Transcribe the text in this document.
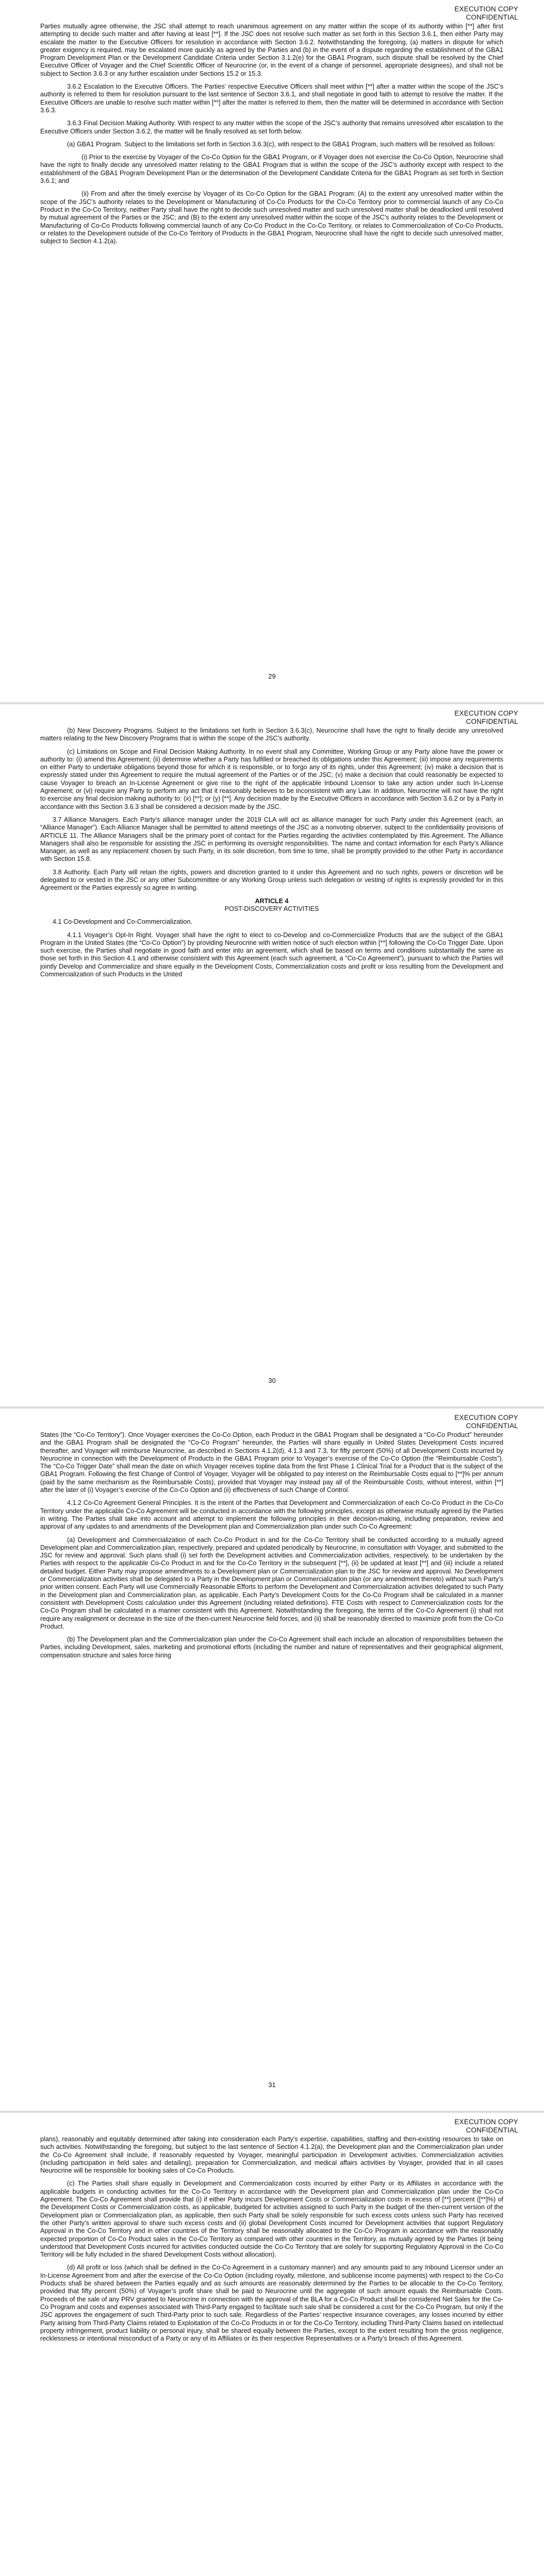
EXECUTION COPY
CONFIDENTIAL

Parties mutually agree otherwise, the JSC shall attempt to reach unanimous agreement on any matter within the scope of its authority within [**] after first attempting to decide such matter and after having at least [**]. If the JSC does not resolve such matter as set forth in this Section 3.6.1, then either Party may escalate the matter to the Executive Officers for resolution in accordance with Section 3.6.2. Notwithstanding the foregoing, (a) matters in dispute for which greater exigency is required, may be escalated more quickly as agreed by the Parties and (b) in the event of a dispute regarding the establishment of the GBA1 Program Development Plan or the Development Candidate Criteria under Section 3.1.2(e) for the GBA1 Program, such dispute shall be resolved by the Chief Executive Officer of Voyager and the Chief Scientific Officer of Neurocrine (or, in the event of a change of personnel, appropriate designees), and shall not be subject to Section 3.6.3 or any further escalation under Sections 15.2 or 15.3.

3.6.2 Escalation to the Executive Officers. The Parties’ respective Executive Officers shall meet within [**] after a matter within the scope of the JSC’s authority is referred to them for resolution pursuant to the last sentence of Section 3.6.1, and shall negotiate in good faith to attempt to resolve the matter. If the Executive Officers are unable to resolve such matter within [**] after the matter is referred to them, then the matter will be determined in accordance with Section 3.6.3.

3.6.3 Final Decision Making Authority. With respect to any matter within the scope of the JSC’s authority that remains unresolved after escalation to the Executive Officers under Section 3.6.2, the matter will be finally resolved as set forth below.

(a) GBA1 Program. Subject to the limitations set forth in Section 3.6.3(c), with respect to the GBA1 Program, such matters will be resolved as follows:

(i) Prior to the exercise by Voyager of the Co-Co Option for the GBA1 Program, or if Voyager does not exercise the Co-Co Option, Neurocrine shall have the right to finally decide any unresolved matter relating to the GBA1 Program that is within the scope of the JSC’s authority except with respect to the establishment of the GBA1 Program Development Plan or the determination of the Development Candidate Criteria for the GBA1 Program as set forth in Section 3.6.1; and

(ii) From and after the timely exercise by Voyager of its Co-Co Option for the GBA1 Program: (A) to the extent any unresolved matter within the scope of the JSC’s authority relates to the Development or Manufacturing of Co-Co Products for the Co-Co Territory prior to commercial launch of any Co-Co Product in the Co-Co Territory, neither Party shall have the right to decide such unresolved matter and such unresolved matter shall be deadlocked until resolved by mutual agreement of the Parties or the JSC; and (B) to the extent any unresolved matter within the scope of the JSC’s authority relates to the Development or Manufacturing of Co-Co Products following commercial launch of any Co-Co Product in the Co-Co Territory, or relates to Commercialization of Co-Co Products, or relates to the Development outside of the Co-Co Territory of Products in the GBA1 Program, Neurocrine shall have the right to decide such unresolved matter, subject to Section 4.1.2(a).

29
EXECUTION COPY
CONFIDENTIAL

(b) New Discovery Programs. Subject to the limitations set forth in Section 3.6.3(c), Neurocrine shall have the right to finally decide any unresolved matters relating to the New Discovery Programs that is within the scope of the JSC’s authority.

(c) Limitations on Scope and Final Decision Making Authority. In no event shall any Committee, Working Group or any Party alone have the power or authority to: (i) amend this Agreement; (ii) determine whether a Party has fulfilled or breached its obligations under this Agreement; (iii) impose any requirements on either Party to undertake obligations beyond those for which it is responsible, or to forgo any of its rights, under this Agreement; (iv) make a decision that is expressly stated under this Agreement to require the mutual agreement of the Parties or of the JSC; (v) make a decision that could reasonably be expected to cause Voyager to breach an In-License Agreement or give rise to the right of the applicable Inbound Licensor to take any action under such In-License Agreement; or (vi) require any Party to perform any act that it reasonably believes to be inconsistent with any Law. In addition, Neurocrine will not have the right to exercise any final decision making authority to: (x) [**]; or (y) [**]. Any decision made by the Executive Officers in accordance with Section 3.6.2 or by a Party in accordance with this Section 3.6.3 shall be considered a decision made by the JSC.

3.7 Alliance Managers. Each Party’s alliance manager under the 2019 CLA will act as alliance manager for such Party under this Agreement (each, an “Alliance Manager”). Each Alliance Manager shall be permitted to attend meetings of the JSC as a nonvoting observer, subject to the confidentiality provisions of ARTICLE 11. The Alliance Managers shall be the primary point of contact for the Parties regarding the activities contemplated by this Agreement. The Alliance Managers shall also be responsible for assisting the JSC in performing its oversight responsibilities. The name and contact information for each Party’s Alliance Manager, as well as any replacement chosen by such Party, in its sole discretion, from time to time, shall be promptly provided to the other Party in accordance with Section 15.8.

3.8 Authority. Each Party will retain the rights, powers and discretion granted to it under this Agreement and no such rights, powers or discretion will be delegated to or vested in the JSC or any other Subcommittee or any Working Group unless such delegation or vesting of rights is expressly provided for in this Agreement or the Parties expressly so agree in writing.

ARTICLE 4
POST-DISCOVERY ACTIVITIES

4.1 Co-Development and Co-Commercialization.

4.1.1 Voyager’s Opt-In Right. Voyager shall have the right to elect to co-Develop and co-Commercialize Products that are the subject of the GBA1 Program in the United States (the “Co-Co Option”) by providing Neurocrine with written notice of such election within [**] following the Co-Co Trigger Date. Upon such exercise, the Parties shall negotiate in good faith and enter into an agreement, which shall be based on terms and conditions substantially the same as those set forth in this Section 4.1 and otherwise consistent with this Agreement (each such agreement, a “Co-Co Agreement”), pursuant to which the Parties will jointly Develop and Commercialize and share equally in the Development Costs, Commercialization costs and profit or loss resulting from the Development and Commercialization of such Products in the United

30
EXECUTION COPY
CONFIDENTIAL

States (the “Co-Co Territory”). Once Voyager exercises the Co-Co Option, each Product in the GBA1 Program shall be designated a “Co-Co Product” hereunder and the GBA1 Program shall be designated the “Co-Co Program” hereunder, the Parties will share equally in United States Development Costs incurred thereafter, and Voyager will reimburse Neurocrine, as described in Sections 4.1.2(d), 4.1.3 and 7.3, for fifty percent (50%) of all Development Costs incurred by Neurocrine in connection with the Development of Products in the GBA1 Program prior to Voyager’s exercise of the Co-Co Option (the “Reimbursable Costs”). The “Co-Co Trigger Date” shall mean the date on which Voyager receives topline data from the first Phase 1 Clinical Trial for a Product that is the subject of the GBA1 Program. Following the first Change of Control of Voyager, Voyager will be obligated to pay interest on the Reimbursable Costs equal to [**]% per annum (paid by the same mechanism as the Reimbursable Costs), provided that Voyager may instead pay all of the Reimbursable Costs, without interest, within [**] after the later of (i) Voyager’s exercise of the Co-Co Option and (ii) effectiveness of such Change of Control.

4.1.2 Co-Co Agreement General Principles. It is the intent of the Parties that Development and Commercialization of each Co-Co Product in the Co-Co Territory under the applicable Co-Co Agreement will be conducted in accordance with the following principles, except as otherwise mutually agreed by the Parties in writing. The Parties shall take into account and attempt to implement the following principles in their decision-making, including preparation, review and approval of any updates to and amendments of the Development plan and Commercialization plan under such Co-Co Agreement:

(a) Development and Commercialization of each Co-Co Product in and for the Co-Co Territory shall be conducted according to a mutually agreed Development plan and Commercialization plan, respectively, prepared and updated periodically by Neurocrine, in consultation with Voyager, and submitted to the JSC for review and approval. Such plans shall (i) set forth the Development activities and Commercialization activities, respectively, to be undertaken by the Parties with respect to the applicable Co-Co Product in and for the Co-Co Territory in the subsequent [**], (ii) be updated at least [**] and (iii) include a related detailed budget. Either Party may propose amendments to a Development plan or Commercialization plan to the JSC for review and approval. No Development or Commercialization activities shall be delegated to a Party in the Development plan or Commercialization plan (or any amendment thereto) without such Party’s prior written consent. Each Party will use Commercially Reasonable Efforts to perform the Development and Commercialization activities delegated to such Party in the Development plan and Commercialization plan, as applicable. Each Party’s Development Costs for the Co-Co Program shall be calculated in a manner consistent with Development Costs calculation under this Agreement (including related definitions). FTE Costs with respect to Commercialization costs for the Co-Co Program shall be calculated in a manner consistent with this Agreement. Notwithstanding the foregoing, the terms of the Co-Co Agreement (i) shall not require any realignment or decrease in the size of the then-current Neurocrine field forces, and (ii) shall be reasonably directed to maximize profit from the Co-Co Product.

(b) The Development plan and the Commercialization plan under the Co-Co Agreement shall each include an allocation of responsibilities between the Parties, including Development, sales, marketing and promotional efforts (including the number and nature of representatives and their geographical alignment, compensation structure and sales force hiring

31
EXECUTION COPY
CONFIDENTIAL

plans), reasonably and equitably determined after taking into consideration each Party’s expertise, capabilities, staffing and then-existing resources to take on such activities. Notwithstanding the foregoing, but subject to the last sentence of Section 4.1.2(a), the Development plan and the Commercialization plan under the Co-Co Agreement shall include, if reasonably requested by Voyager, meaningful participation in Development activities. Commercialization activities (including participation in field sales and detailing), preparation for Commercialization, and medical affairs activities by Voyager, provided that in all cases Neurocrine will be responsible for booking sales of Co-Co Products.

(c) The Parties shall share equally in Development and Commercialization costs incurred by either Party or its Affiliates in accordance with the applicable budgets in conducting activities for the Co-Co Territory in accordance with the Development plan and Commercialization plan under the Co-Co Agreement. The Co-Co Agreement shall provide that (i) if either Party incurs Development Costs or Commercialization costs in excess of [**] percent ([**]%) of the Development Costs or Commercialization costs, as applicable, budgeted for activities assigned to such Party in the budget of the then-current version of the Development plan or Commercialization plan, as applicable, then such Party shall be solely responsible for such excess costs unless such Party has received the other Party’s written approval to share such excess costs and (ii) global Development Costs incurred for Development activities that support Regulatory Approval in the Co-Co Territory and in other countries of the Territory shall be reasonably allocated to the Co-Co Program in accordance with the reasonably expected proportion of Co-Co Product sales in the Co-Co Territory as compared with other countries in the Territory, as mutually agreed by the Parties (it being understood that Development Costs incurred for activities conducted outside the Co-Co Territory that are solely for supporting Regulatory Approval in the Co-Co Territory will be fully included in the shared Development Costs without allocation).

(d) All profit or loss (which shall be defined in the Co-Co Agreement in a customary manner) and any amounts paid to any Inbound Licensor under an In-License Agreement from and after the exercise of the Co-Co Option (including royalty, milestone, and sublicense income payments) with respect to the Co-Co Products shall be shared between the Parties equally and as such amounts are reasonably determined by the Parties to be allocable to the Co-Co Territory, provided that fifty percent (50%) of Voyager’s profit share shall be paid to Neurocrine until the aggregate of such amount equals the Reimbursable Costs. Proceeds of the sale of any PRV granted to Neurocrine in connection with the approval of the BLA for a Co-Co Product shall be considered Net Sales for the Co-Co Program and costs and expenses associated with Third-Party engaged to facilitate such sale shall be considered a cost for the Co-Co Program, but only if the JSC approves the engagement of such Third-Party prior to such sale. Regardless of the Parties’ respective insurance coverages, any losses incurred by either Party arising from Third-Party Claims related to Exploitation of the Co-Co Products in or for the Co-Co Territory, including Third-Party Claims based on intellectual property infringement, product liability or personal injury, shall be shared equally between the Parties, except to the extent resulting from the gross negligence, recklessness or intentional misconduct of a Party or any of its Affiliates or its their respective Representatives or a Party’s breach of this Agreement.
